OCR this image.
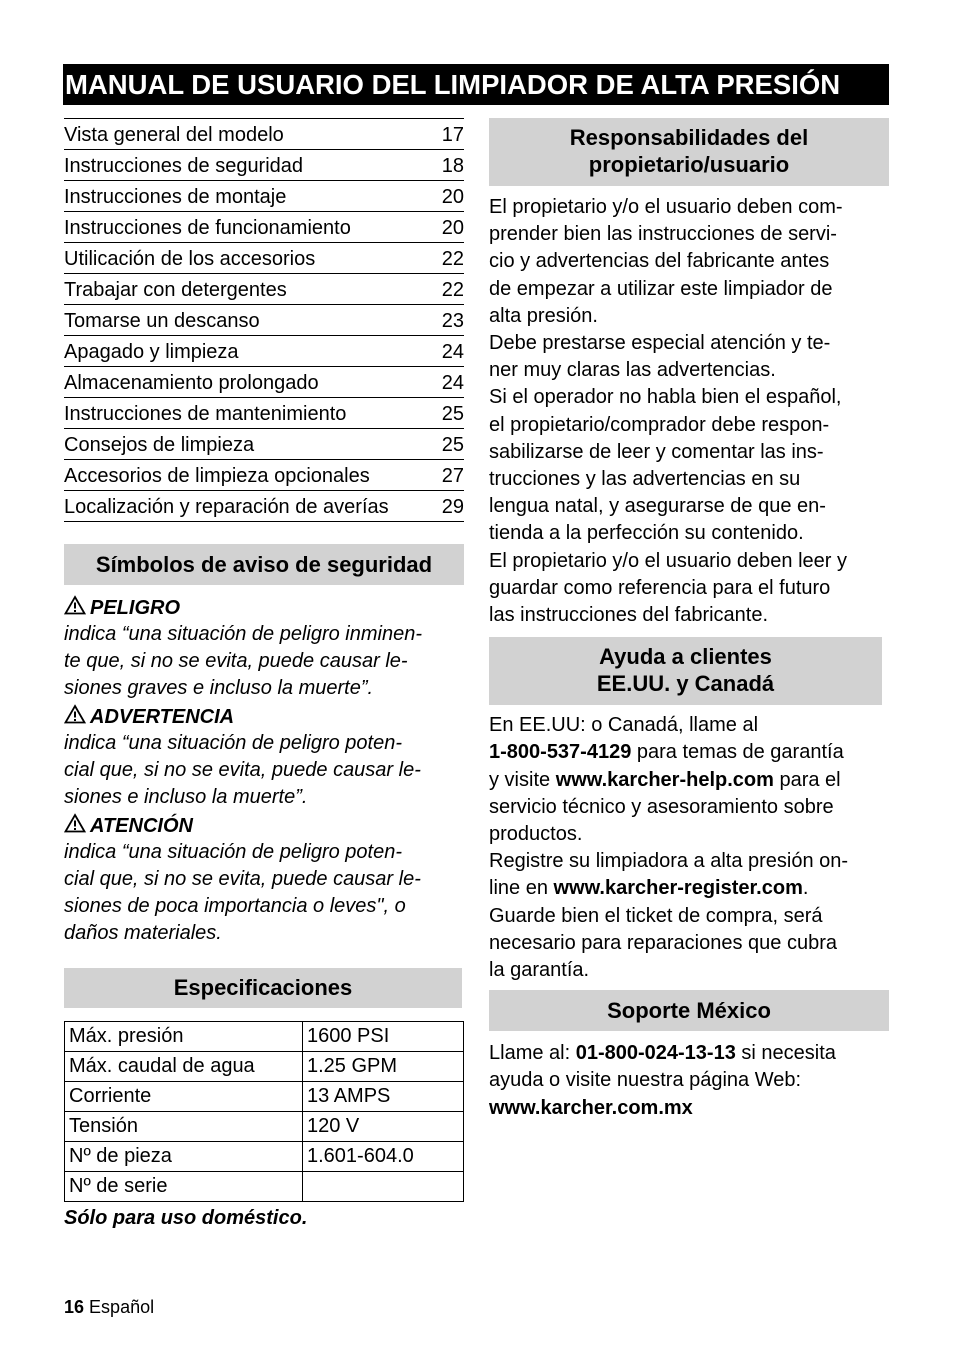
MANUAL DE USUARIO DEL LIMPIADOR DE ALTA PRESIÓN
Vista general del modelo	17
Instrucciones de seguridad	18
Instrucciones de montaje	20
Instrucciones de funcionamiento	20
Utilicación de los accesorios	22
Trabajar con detergentes	22
Tomarse un descanso	23
Apagado y limpieza	24
Almacenamiento prolongado	24
Instrucciones de mantenimiento	25
Consejos de limpieza	25
Accesorios de limpieza opcionales	27
Localización y reparación de averías	29
Símbolos de aviso de seguridad
PELIGRO
indica “una situación de peligro inminen-
te que, si no se evita, puede causar le-
siones graves e incluso la muerte”.
ADVERTENCIA
indica “una situación de peligro poten-
cial que, si no se evita, puede causar le-
siones e incluso la muerte”.
ATENCIÓN
indica “una situación de peligro poten-
cial que, si no se evita, puede causar le-
siones de poca importancia o leves", o
daños materiales.
Especificaciones
Máx. presión	1600 PSI
Máx. caudal de agua	1.25 GPM
Corriente	13 AMPS
Tensión	120 V
Nº de pieza	1.601-604.0
Nº de serie	
Sólo para uso doméstico.
Responsabilidades del
propietario/usuario
El propietario y/o el usuario deben com-
prender bien las instrucciones de servi-
cio y advertencias del fabricante antes
de empezar a utilizar este limpiador de
alta presión.
Debe prestarse especial atención y te-
ner muy claras las advertencias.
Si el operador no habla bien el español,
el propietario/comprador debe respon-
sabilizarse de leer y comentar las ins-
trucciones y las advertencias en su
lengua natal, y asegurarse de que en-
tienda a la perfección su contenido.
El propietario y/o el usuario deben leer y
guardar como referencia para el futuro
las instrucciones del fabricante.
Ayuda a clientes
EE.UU. y Canadá
En EE.UU: o Canadá, llame al
1-800-537-4129 para temas de garantía
y visite www.karcher-help.com para el
servicio técnico y asesoramiento sobre
productos.
Registre su limpiadora a alta presión on-
line en www.karcher-register.com.
Guarde bien el ticket de compra, será
necesario para reparaciones que cubra
la garantía.
Soporte México
Llame al: 01-800-024-13-13 si necesita
ayuda o visite nuestra página Web:
www.karcher.com.mx
16 Español
